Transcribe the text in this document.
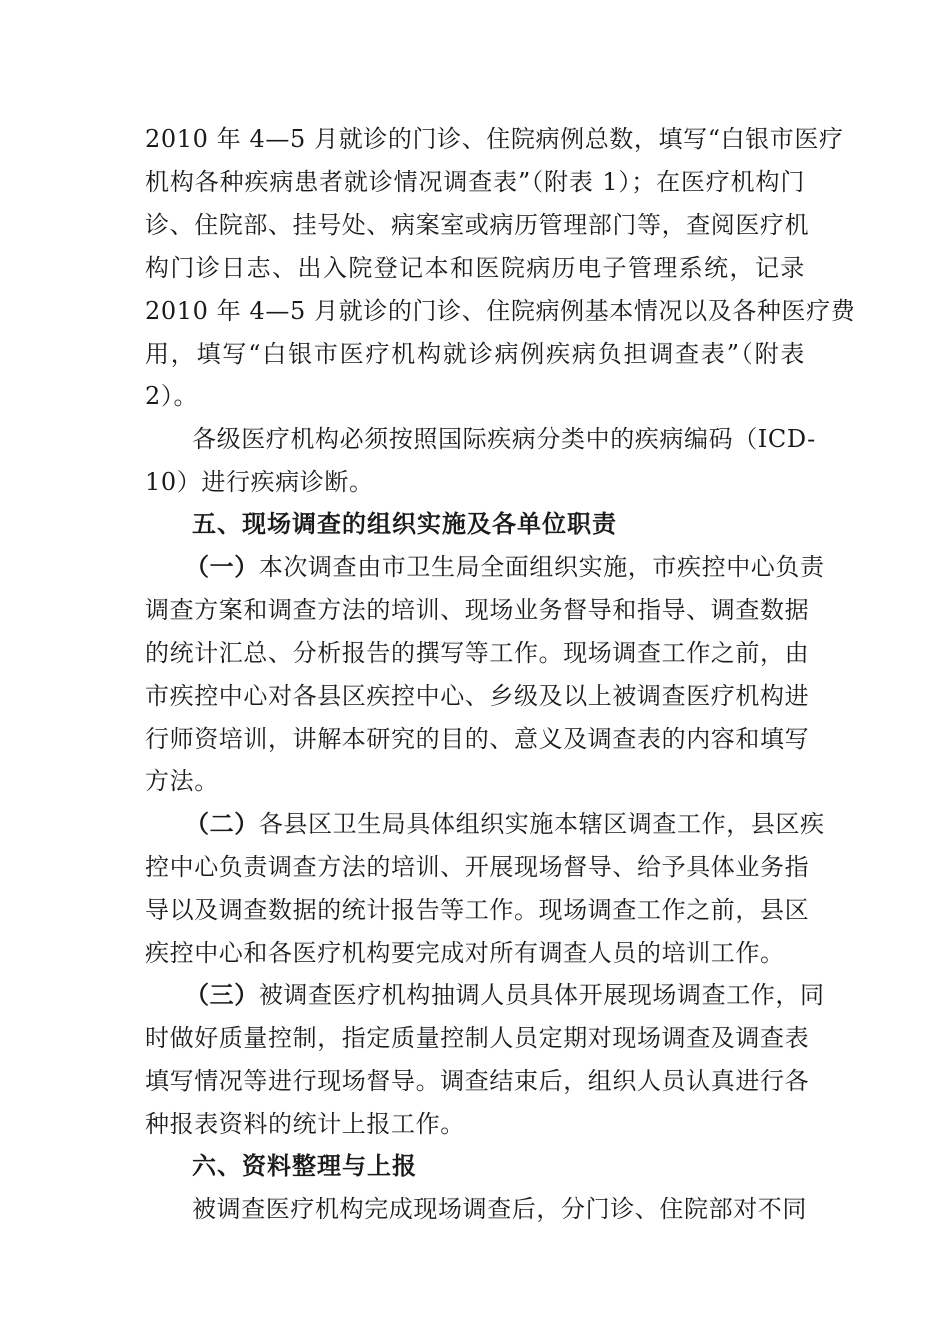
2010 年 4—5 月就诊的门诊、住院病例总数，填写“白银市医疗
机构各种疾病患者就诊情况调查表”（附表 1）；在医疗机构门
诊、住院部、挂号处、病案室或病历管理部门等，查阅医疗机
构门诊日志、出入院登记本和医院病历电子管理系统，记录
2010 年 4—5 月就诊的门诊、住院病例基本情况以及各种医疗费
用，填写“白银市医疗机构就诊病例疾病负担调查表”（附表
2）。
各级医疗机构必须按照国际疾病分类中的疾病编码（ICD-
10）进行疾病诊断。
五、现场调查的组织实施及各单位职责
（一）本次调查由市卫生局全面组织实施，市疾控中心负责
调查方案和调查方法的培训、现场业务督导和指导、调查数据
的统计汇总、分析报告的撰写等工作。现场调查工作之前，由
市疾控中心对各县区疾控中心、乡级及以上被调查医疗机构进
行师资培训，讲解本研究的目的、意义及调查表的内容和填写
方法。
（二）各县区卫生局具体组织实施本辖区调查工作，县区疾
控中心负责调查方法的培训、开展现场督导、给予具体业务指
导以及调查数据的统计报告等工作。现场调查工作之前，县区
疾控中心和各医疗机构要完成对所有调查人员的培训工作。
（三）被调查医疗机构抽调人员具体开展现场调查工作，同
时做好质量控制，指定质量控制人员定期对现场调查及调查表
填写情况等进行现场督导。调查结束后，组织人员认真进行各
种报表资料的统计上报工作。
六、资料整理与上报
被调查医疗机构完成现场调查后，分门诊、住院部对不同
